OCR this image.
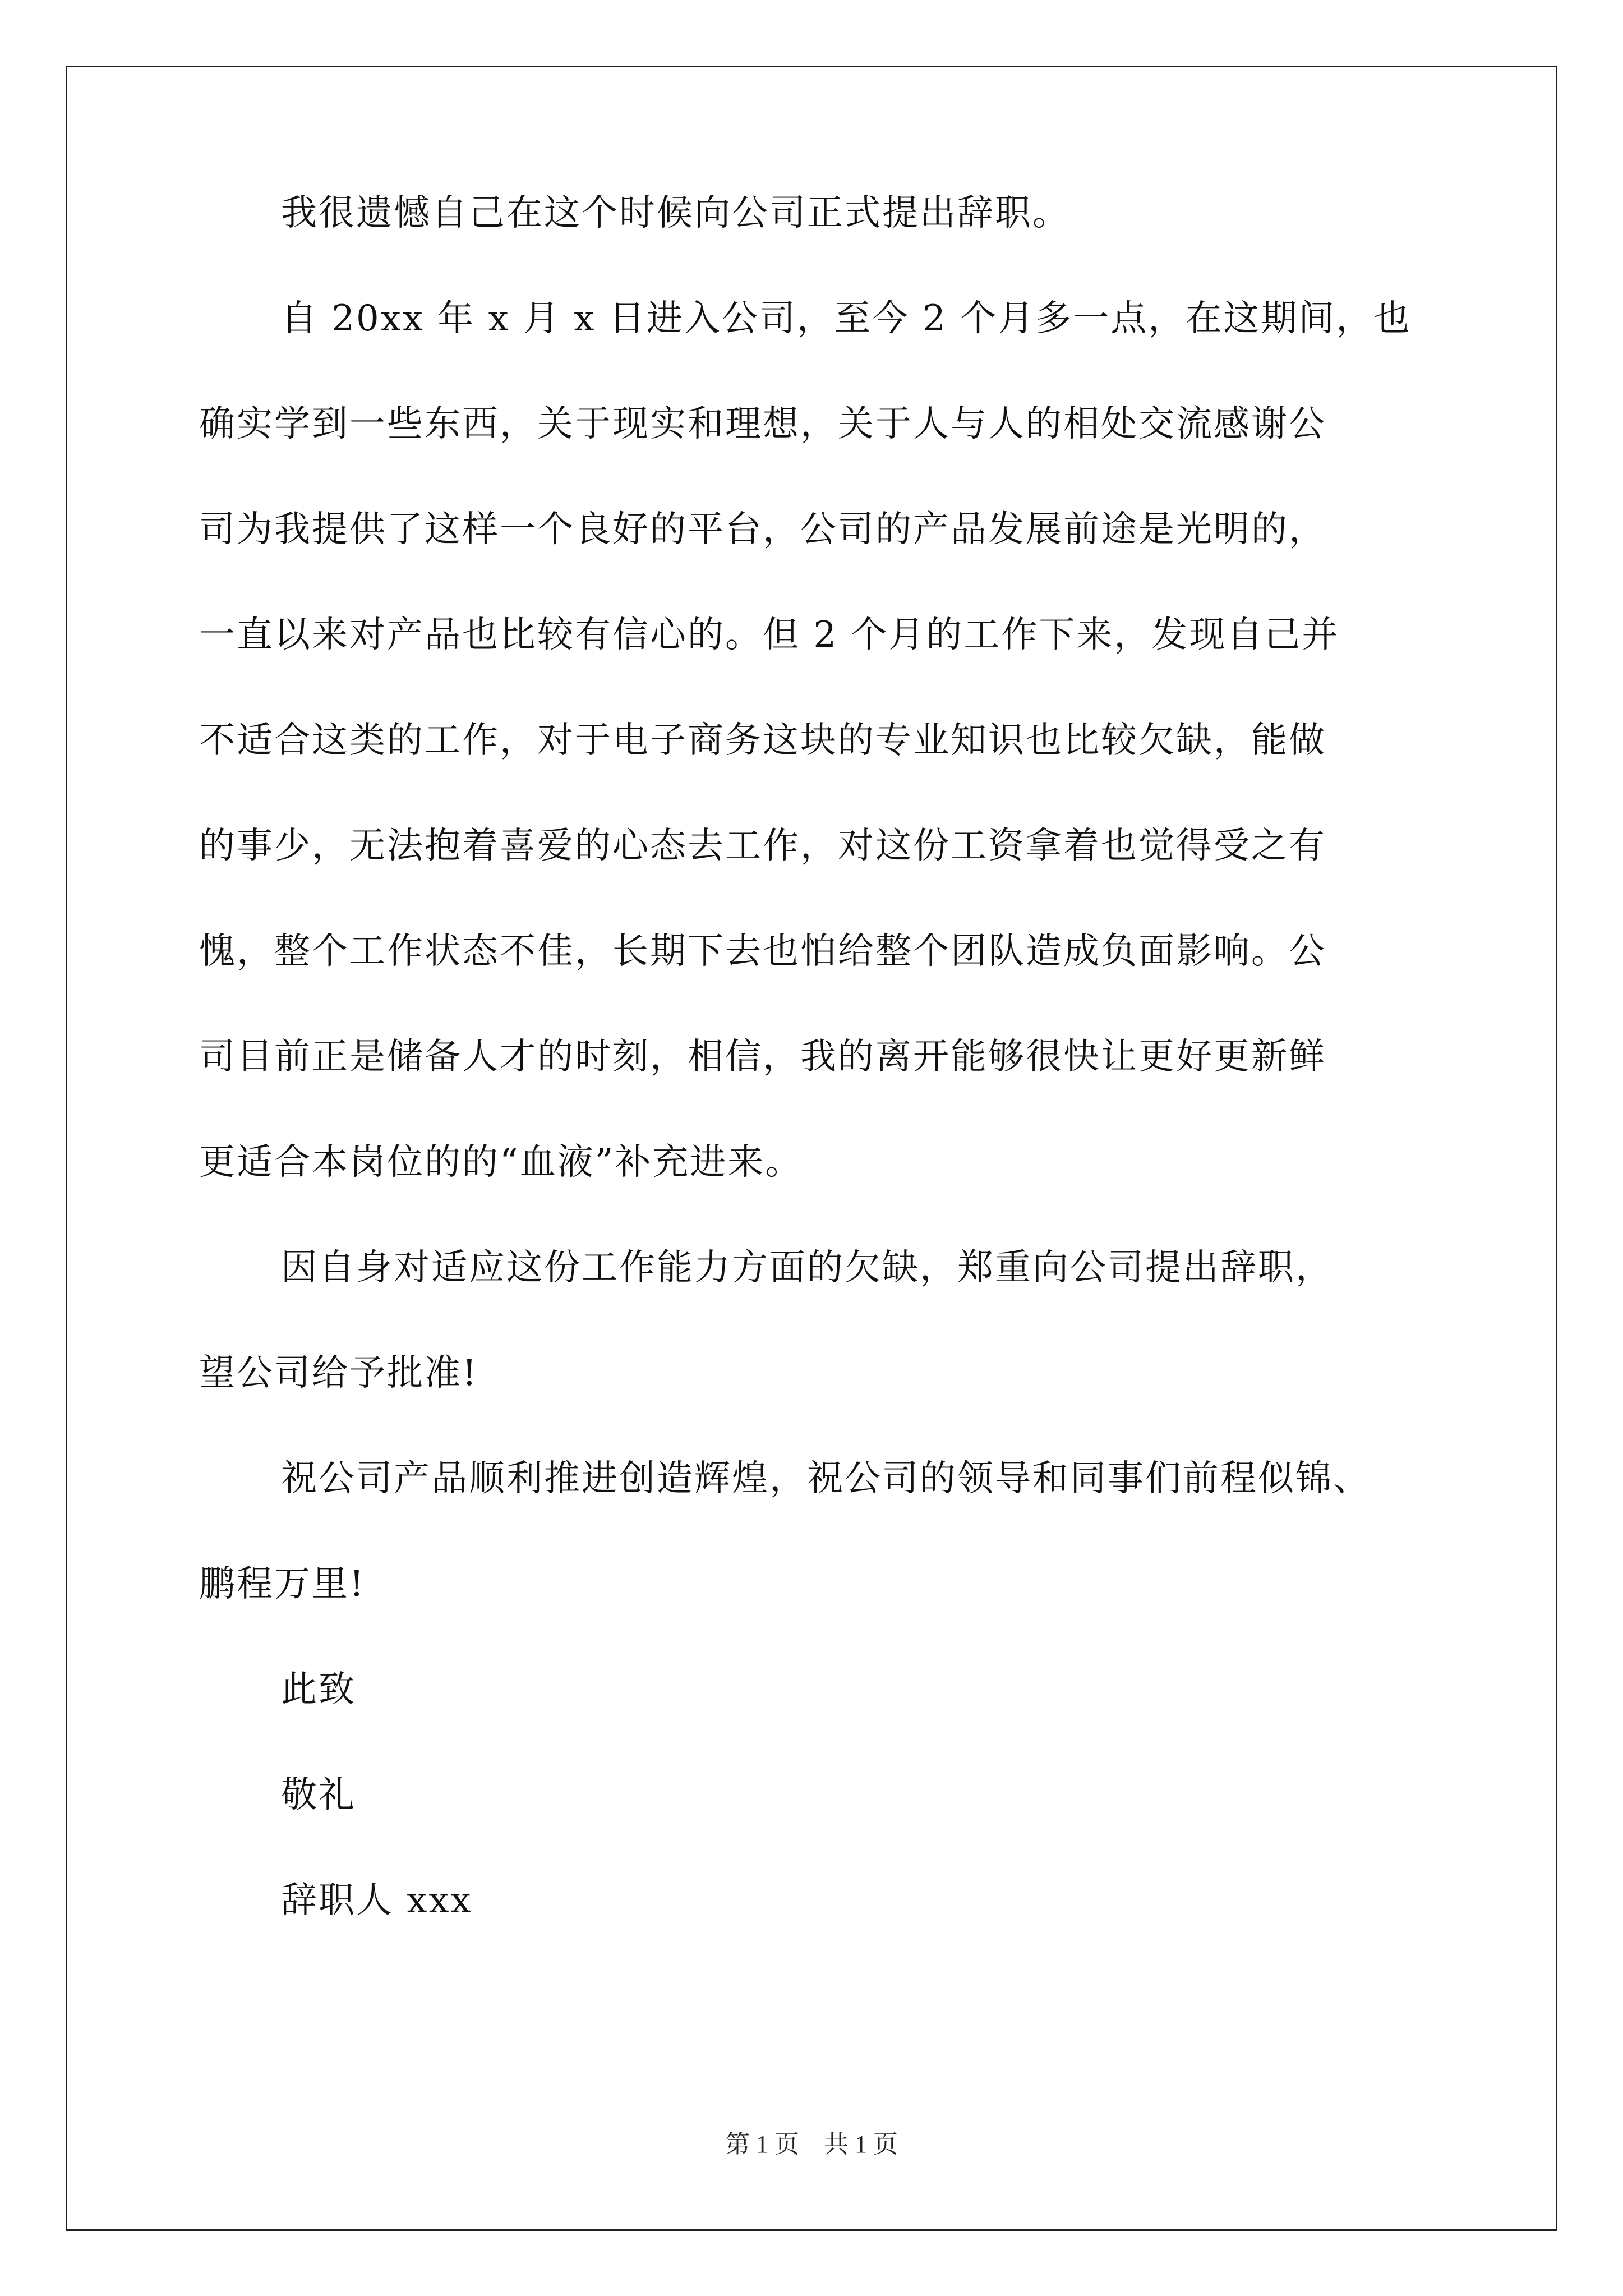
我很遗憾自己在这个时候向公司正式提出辞职。
自 20xx 年 x 月 x 日进入公司，至今 2 个月多一点，在这期间，也
确实学到一些东西，关于现实和理想，关于人与人的相处交流感谢公
司为我提供了这样一个良好的平台，公司的产品发展前途是光明的，
一直以来对产品也比较有信心的。但 2 个月的工作下来，发现自己并
不适合这类的工作，对于电子商务这块的专业知识也比较欠缺，能做
的事少，无法抱着喜爱的心态去工作，对这份工资拿着也觉得受之有
愧，整个工作状态不佳，长期下去也怕给整个团队造成负面影响。公
司目前正是储备人才的时刻，相信，我的离开能够很快让更好更新鲜
更适合本岗位的的“血液”补充进来。
因自身对适应这份工作能力方面的欠缺，郑重向公司提出辞职，
望公司给予批准!
祝公司产品顺利推进创造辉煌，祝公司的领导和同事们前程似锦、
鹏程万里!
此致
敬礼
辞职人 xxx
第 1 页　共 1 页
